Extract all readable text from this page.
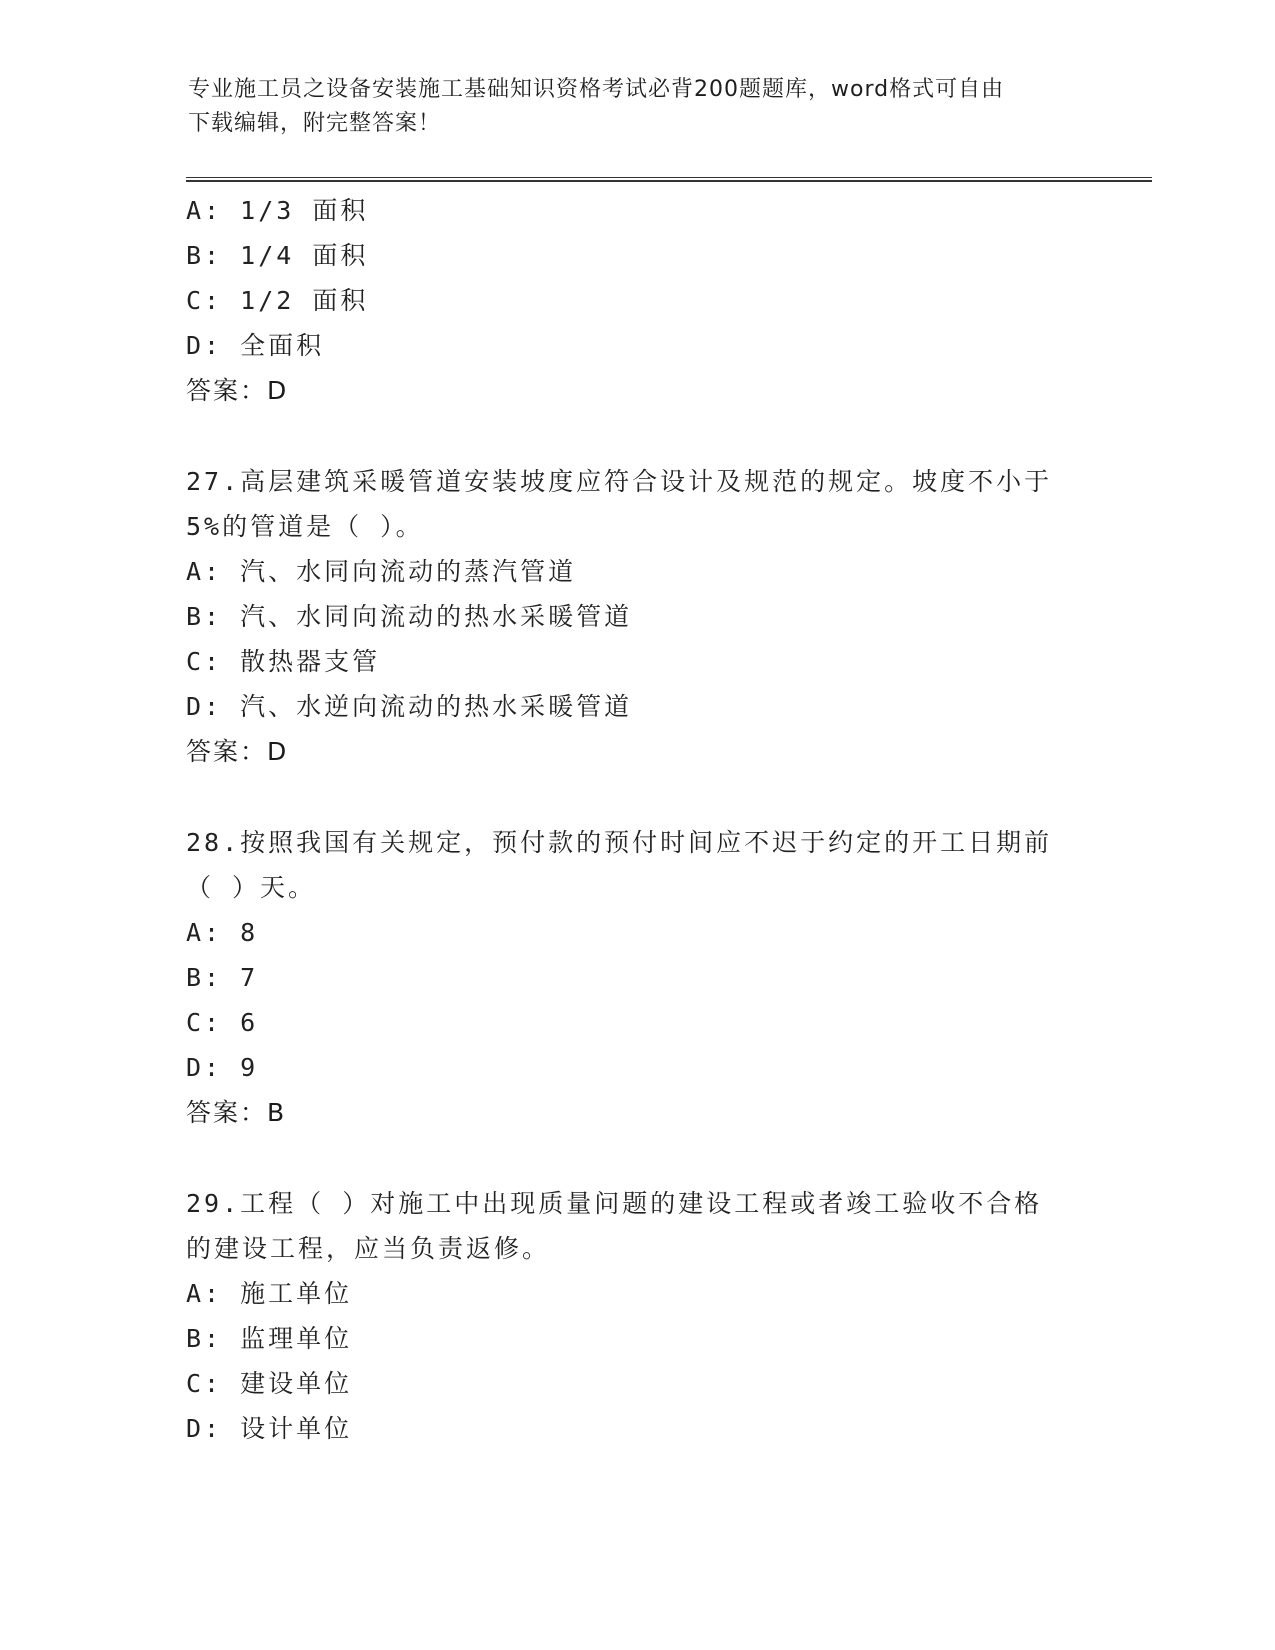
专业施工员之设备安装施工基础知识资格考试必背200题题库，word格式可自由
下载编辑，附完整答案！
A: 1/3 面积
B: 1/4 面积
C: 1/2 面积
D: 全面积
答案：D
27.高层建筑采暖管道安装坡度应符合设计及规范的规定。坡度不小于
5%的管道是（ ）。
A: 汽、水同向流动的蒸汽管道
B: 汽、水同向流动的热水采暖管道
C: 散热器支管
D: 汽、水逆向流动的热水采暖管道
答案：D
28.按照我国有关规定，预付款的预付时间应不迟于约定的开工日期前
（ ）天。
A: 8
B: 7
C: 6
D: 9
答案：B
29.工程（ ）对施工中出现质量问题的建设工程或者竣工验收不合格
的建设工程，应当负责返修。
A: 施工单位
B: 监理单位
C: 建设单位
D: 设计单位
